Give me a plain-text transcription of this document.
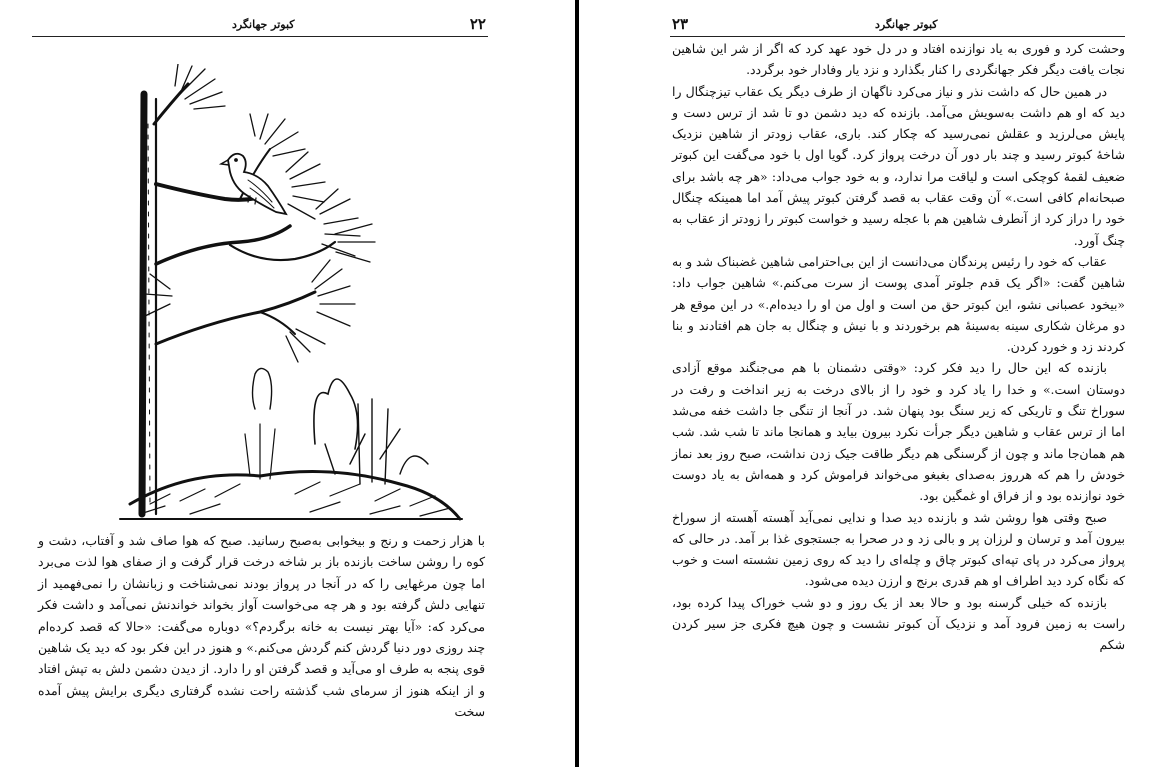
کبوتر جهانگرد	۲۲

با هزار زحمت و رنج و بیخوابی به‌صبح رسانید. صبح که هوا صاف شد و آفتاب، دشت و کوه را روشن ساخت بازنده باز بر شاخه درخت قرار گرفت و از صفای هوا لذت می‌برد اما چون مرغهایی را که در آنجا در پرواز بودند نمی‌شناخت و زبانشان را نمی‌فهمید از تنهایی دلش گرفته بود و هر چه می‌خواست آواز بخواند خواندنش نمی‌آمد و داشت فکر می‌کرد که: «آیا بهتر نیست به خانه برگردم؟» دوباره می‌گفت: «حالا که قصد کرده‌ام چند روزی دور دنیا گردش کنم گردش می‌کنم.» و هنوز در این فکر بود که دید یک شاهین قوی پنجه به طرف او می‌آید و قصد گرفتن او را دارد. از دیدن دشمن دلش به تپش افتاد و از اینکه هنوز از سرمای شب گذشته راحت نشده گرفتاری دیگری برایش پیش آمده سخت

۲۳	کبوتر جهانگرد

وحشت کرد و فوری به یاد نوازنده افتاد و در دل خود عهد کرد که اگر از شر این شاهین نجات یافت دیگر فکر جهانگردی را کنار بگذارد و نزد یار وفادار خود برگردد.

در همین حال که داشت نذر و نیاز می‌کرد ناگهان از طرف دیگر یک عقاب تیزچنگال را دید که او هم داشت به‌سویش می‌آمد. بازنده که دید دشمن دو تا شد از ترس دست و پایش می‌لرزید و عقلش نمی‌رسید که چکار کند. باری، عقاب زودتر از شاهین نزدیک شاخهٔ کبوتر رسید و چند بار دور آن درخت پرواز کرد. گویا اول با خود می‌گفت این کبوتر ضعیف لقمهٔ کوچکی است و لیاقت مرا ندارد، و به خود جواب می‌داد: «هر چه باشد برای صبحانه‌ام کافی است.» آن وقت عقاب به قصد گرفتن کبوتر پیش آمد اما همینکه چنگال خود را دراز کرد از آنطرف شاهین هم با عجله رسید و خواست کبوتر را زودتر از عقاب به چنگ آورد.

عقاب که خود را رئیس پرندگان می‌دانست از این بی‌احترامی شاهین غضبناک شد و به شاهین گفت: «اگر یک قدم جلوتر آمدی پوست از سرت می‌کنم.» شاهین جواب داد: «بیخود عصبانی نشو، این کبوتر حق من است و اول من او را دیده‌ام.» در این موقع هر دو مرغان شکاری سینه به‌سینهٔ هم برخوردند و با نیش و چنگال به جان هم افتادند و بنا کردند زد و خورد کردن.

بازنده که این حال را دید فکر کرد: «وقتی دشمنان با هم می‌جنگند موقع آزادی دوستان است.» و خدا را یاد کرد و خود را از بالای درخت به زیر انداخت و رفت در سوراخ تنگ و تاریکی که زیر سنگ بود پنهان شد. در آنجا از تنگی جا داشت خفه می‌شد اما از ترس عقاب و شاهین دیگر جرأت نکرد بیرون بیاید و همانجا ماند تا شب شد. شب هم همان‌جا ماند و چون از گرسنگی هم دیگر طاقت جیک زدن نداشت، صبح روز بعد نماز خودش را هم که هرروز به‌صدای بغبغو می‌خواند فراموش کرد و همه‌اش به یاد دوست خود نوازنده بود و از فراق او غمگین بود.

صبح وقتی هوا روشن شد و بازنده دید صدا و ندایی نمی‌آید آهسته آهسته از سوراخ بیرون آمد و ترسان و لرزان پر و بالی زد و در صحرا به جستجوی غذا بر آمد. در حالی که پرواز می‌کرد در پای تپه‌ای کبوتر چاق و چله‌ای را دید که روی زمین نشسته است و خوب که نگاه کرد دید اطراف او هم قدری برنج و ارزن دیده می‌شود.

بازنده که خیلی گرسنه بود و حالا بعد از یک روز و دو شب خوراک پیدا کرده بود، راست به زمین فرود آمد و نزدیک آن کبوتر نشست و چون هیچ فکری جز سیر کردن شکم
